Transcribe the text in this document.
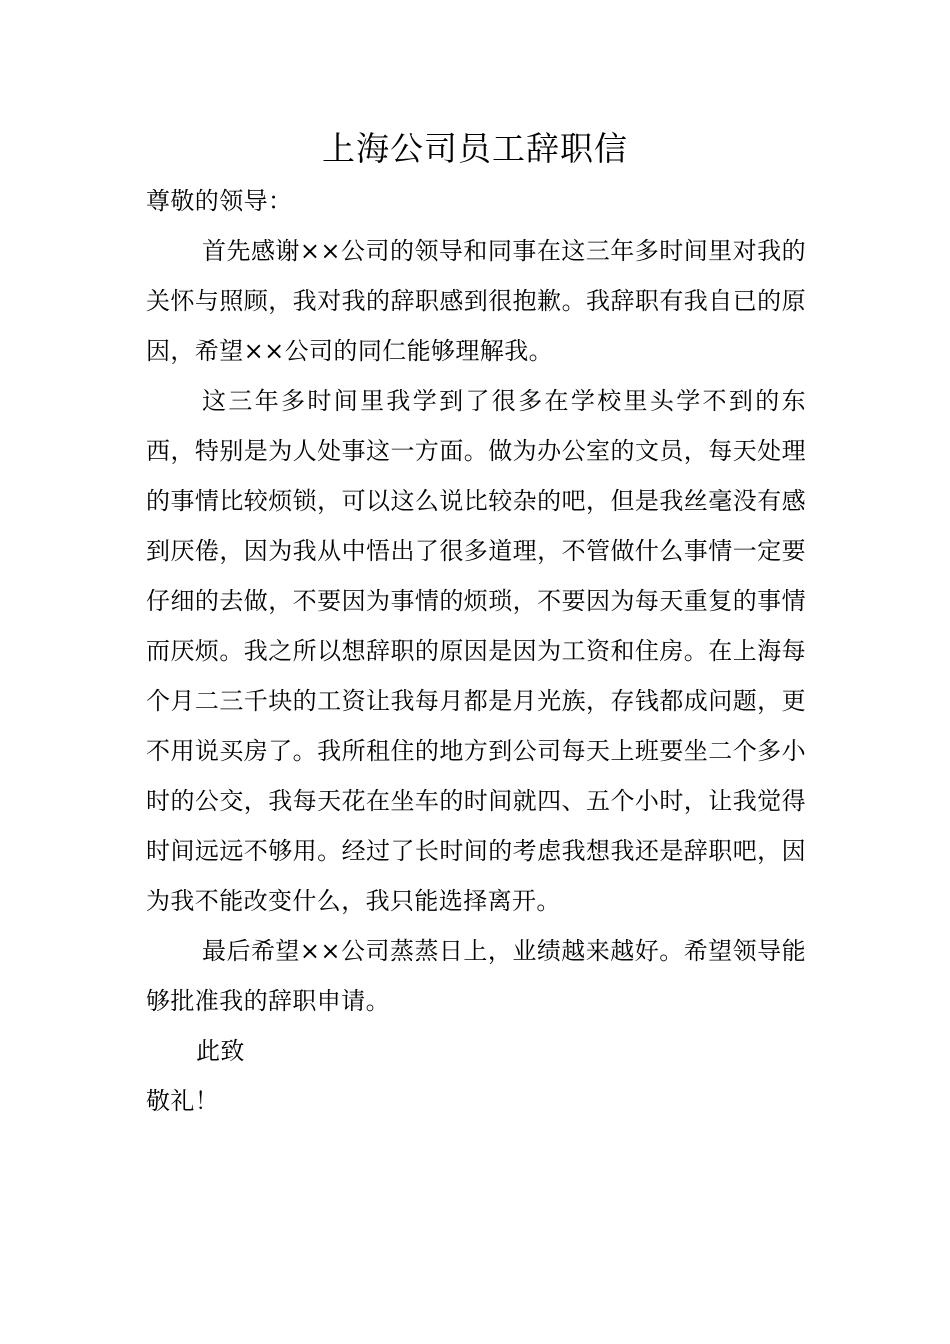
上海公司员工辞职信

尊敬的领导：

首先感谢××公司的领导和同事在这三年多时间里对我的关怀与照顾，我对我的辞职感到很抱歉。我辞职有我自已的原因，希望××公司的同仁能够理解我。

这三年多时间里我学到了很多在学校里头学不到的东西，特别是为人处事这一方面。做为办公室的文员，每天处理的事情比较烦锁，可以这么说比较杂的吧，但是我丝毫没有感到厌倦，因为我从中悟出了很多道理，不管做什么事情一定要仔细的去做，不要因为事情的烦琐，不要因为每天重复的事情而厌烦。我之所以想辞职的原因是因为工资和住房。在上海每个月二三千块的工资让我每月都是月光族，存钱都成问题，更不用说买房了。我所租住的地方到公司每天上班要坐二个多小时的公交，我每天花在坐车的时间就四、五个小时，让我觉得时间远远不够用。经过了长时间的考虑我想我还是辞职吧，因为我不能改变什么，我只能选择离开。

最后希望××公司蒸蒸日上，业绩越来越好。希望领导能够批准我的辞职申请。

此致

敬礼！
